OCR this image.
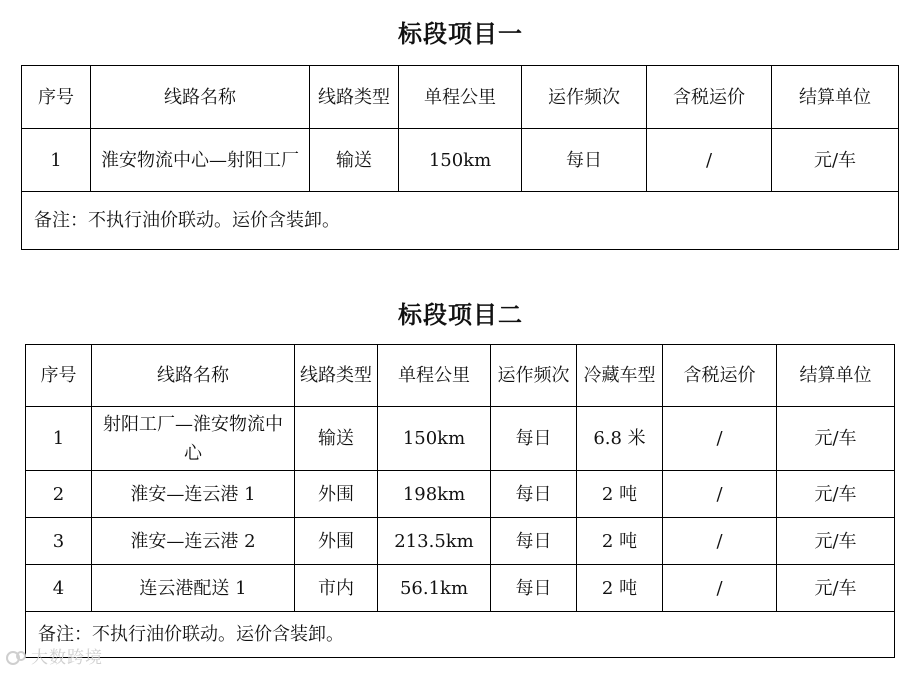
标段项目一
序号	线路名称	线路类型	单程公里	运作频次	含税运价	结算单位
1	淮安物流中心—射阳工厂	输送	150km	每日	/	元/车
备注：不执行油价联动。运价含装卸。						
标段项目二
序号	线路名称	线路类型	单程公里	运作频次	冷藏车型	含税运价	结算单位
1	射阳工厂—淮安物流中心	输送	150km	每日	6.8 米	/	元/车
2	淮安—连云港 1	外围	198km	每日	2 吨	/	元/车
3	淮安—连云港 2	外围	213.5km	每日	2 吨	/	元/车
4	连云港配送 1	市内	56.1km	每日	2 吨	/	元/车
备注：不执行油价联动。运价含装卸。							
大数跨境
